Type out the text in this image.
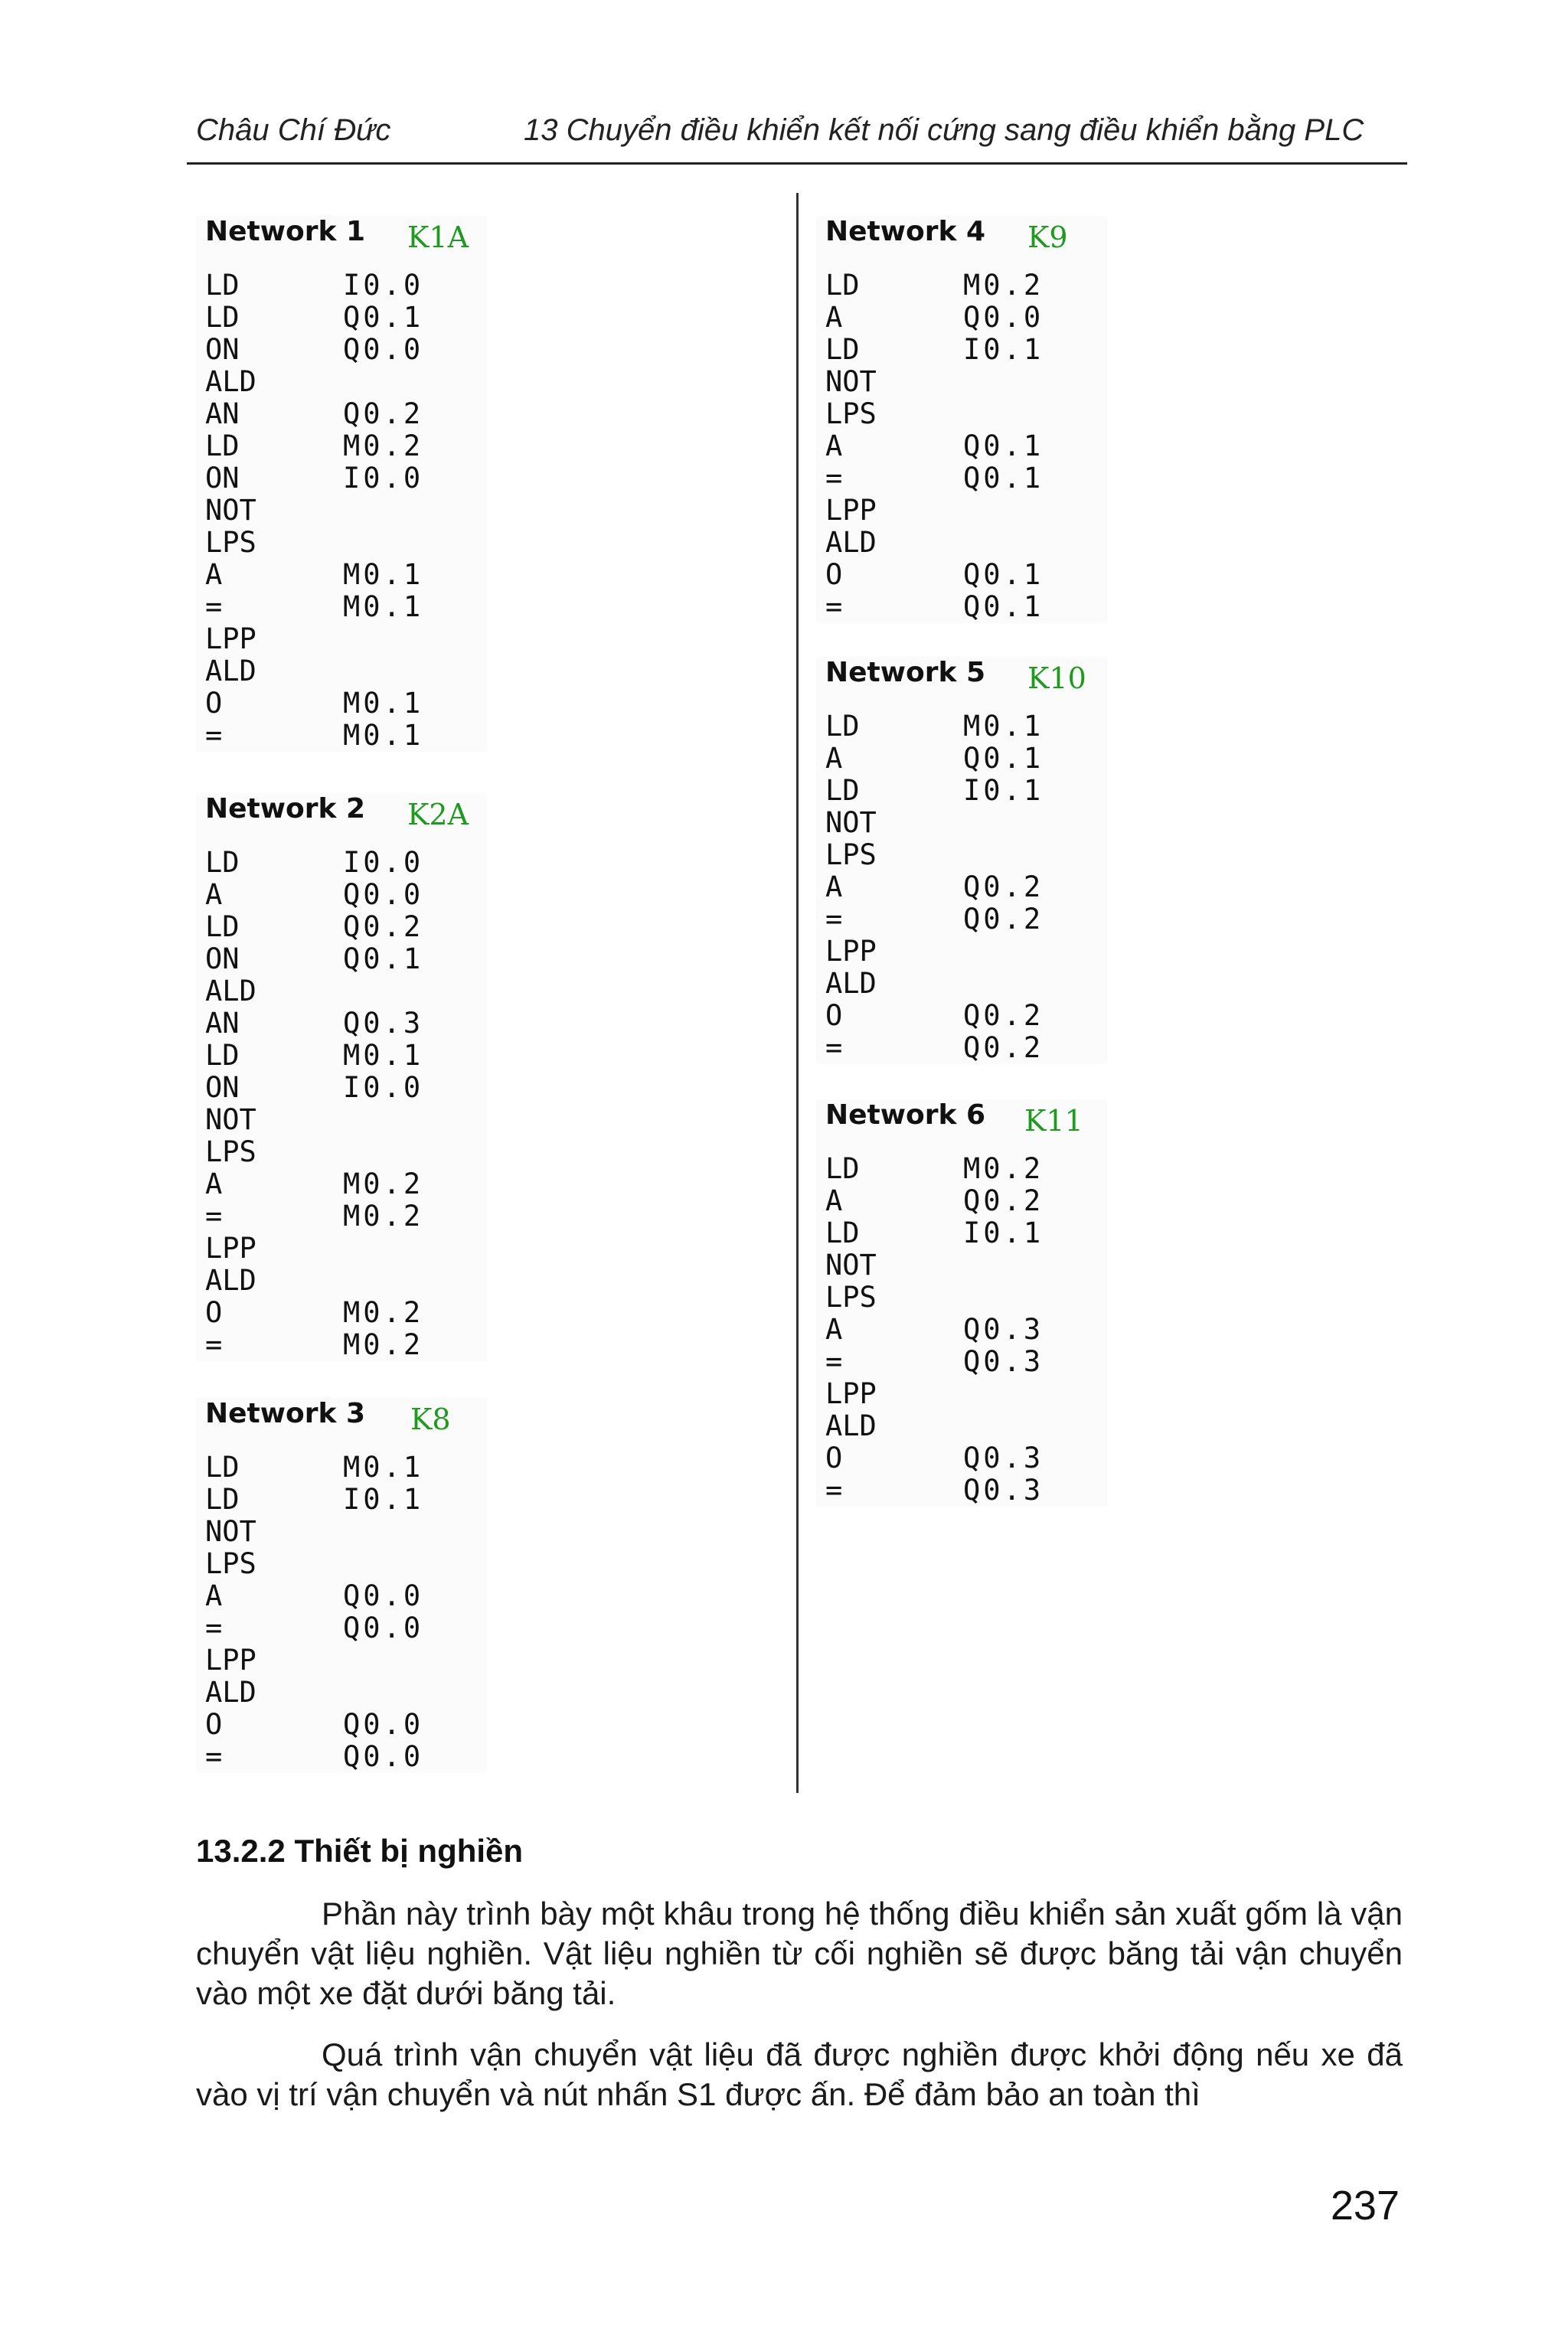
Châu Chí Đức	13 Chuyển điều khiển kết nối cứng sang điều khiển bằng PLC
Network 1 K1A
LD	I0.0
LD	Q0.1
ON	Q0.0
ALD
AN	Q0.2
LD	M0.2
ON	I0.0
NOT
LPS
A	M0.1
=	M0.1
LPP
ALD
O	M0.1
=	M0.1
Network 2 K2A
LD	I0.0
A	Q0.0
LD	Q0.2
ON	Q0.1
ALD
AN	Q0.3
LD	M0.1
ON	I0.0
NOT
LPS
A	M0.2
=	M0.2
LPP
ALD
O	M0.2
=	M0.2
Network 3 K8
LD	M0.1
LD	I0.1
NOT
LPS
A	Q0.0
=	Q0.0
LPP
ALD
O	Q0.0
=	Q0.0
Network 4 K9
LD	M0.2
A	Q0.0
LD	I0.1
NOT
LPS
A	Q0.1
=	Q0.1
LPP
ALD
O	Q0.1
=	Q0.1
Network 5 K10
LD	M0.1
A	Q0.1
LD	I0.1
NOT
LPS
A	Q0.2
=	Q0.2
LPP
ALD
O	Q0.2
=	Q0.2
Network 6 K11
LD	M0.2
A	Q0.2
LD	I0.1
NOT
LPS
A	Q0.3
=	Q0.3
LPP
ALD
O	Q0.3
=	Q0.3
13.2.2 Thiết bị nghiền

Phần này trình bày một khâu trong hệ thống điều khiển sản xuất gốm là vận chuyển vật liệu nghiền. Vật liệu nghiền từ cối nghiền sẽ được băng tải vận chuyển vào một xe đặt dưới băng tải.

Quá trình vận chuyển vật liệu đã được nghiền được khởi động nếu xe đã vào vị trí vận chuyển và nút nhấn S1 được ấn. Để đảm bảo an toàn thì

237
